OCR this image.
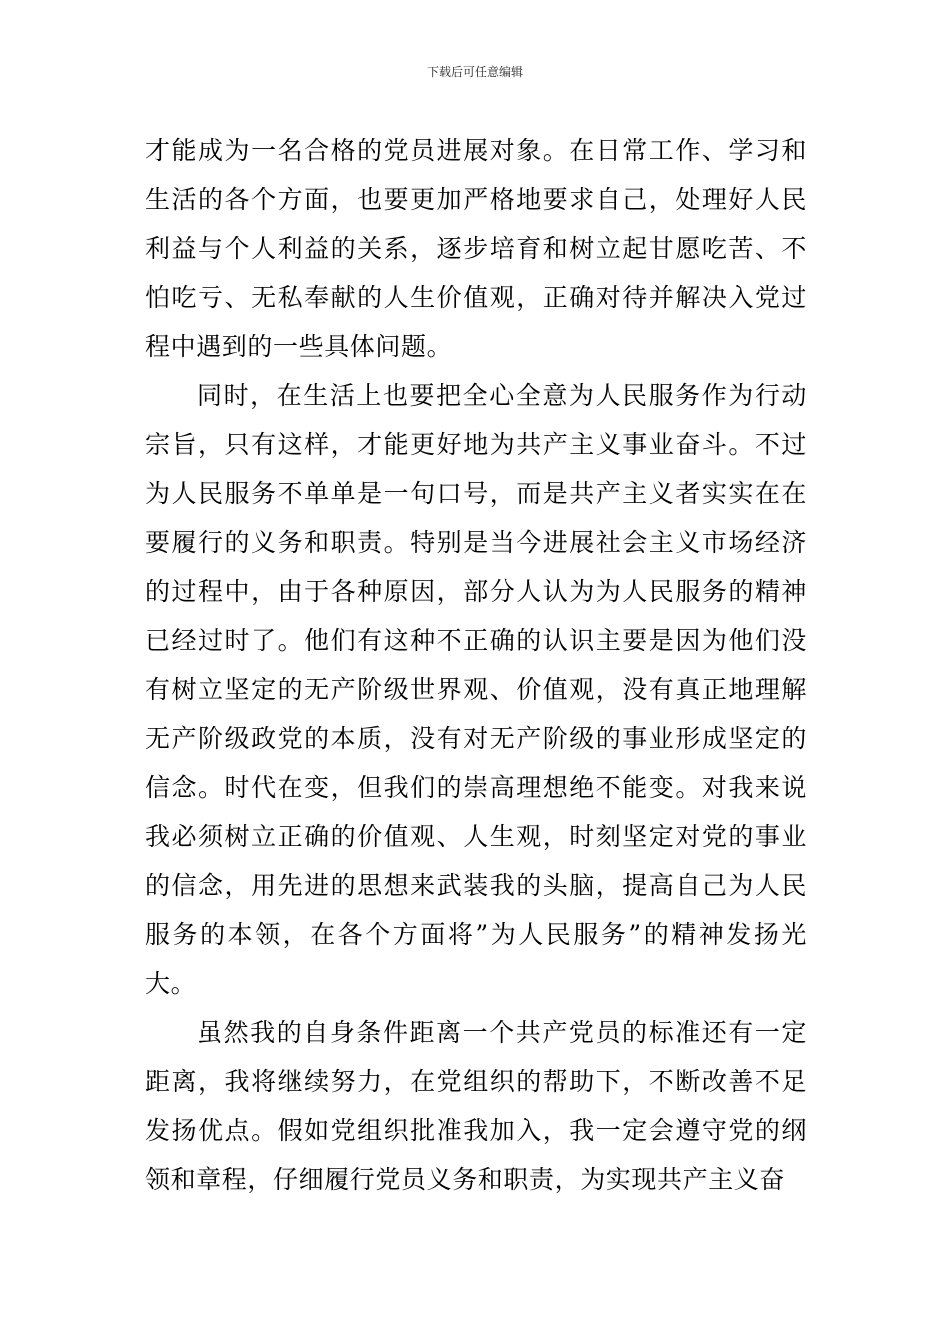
下载后可任意编辑

才能成为一名合格的党员进展对象。在日常工作、学习和生活的各个方面，也要更加严格地要求自己，处理好人民利益与个人利益的关系，逐步培育和树立起甘愿吃苦、不怕吃亏、无私奉献的人生价值观，正确对待并解决入党过程中遇到的一些具体问题。

同时，在生活上也要把全心全意为人民服务作为行动宗旨，只有这样，才能更好地为共产主义事业奋斗。不过为人民服务不单单是一句口号，而是共产主义者实实在在要履行的义务和职责。特别是当今进展社会主义市场经济的过程中，由于各种原因，部分人认为为人民服务的精神已经过时了。他们有这种不正确的认识主要是因为他们没有树立坚定的无产阶级世界观、价值观，没有真正地理解无产阶级政党的本质，没有对无产阶级的事业形成坚定的信念。时代在变，但我们的崇高理想绝不能变。对我来说我必须树立正确的价值观、人生观，时刻坚定对党的事业的信念，用先进的思想来武装我的头脑，提高自己为人民服务的本领，在各个方面将”为人民服务”的精神发扬光大。

虽然我的自身条件距离一个共产党员的标准还有一定距离，我将继续努力，在党组织的帮助下，不断改善不足发扬优点。假如党组织批准我加入，我一定会遵守党的纲领和章程，仔细履行党员义务和职责，为实现共产主义奋
